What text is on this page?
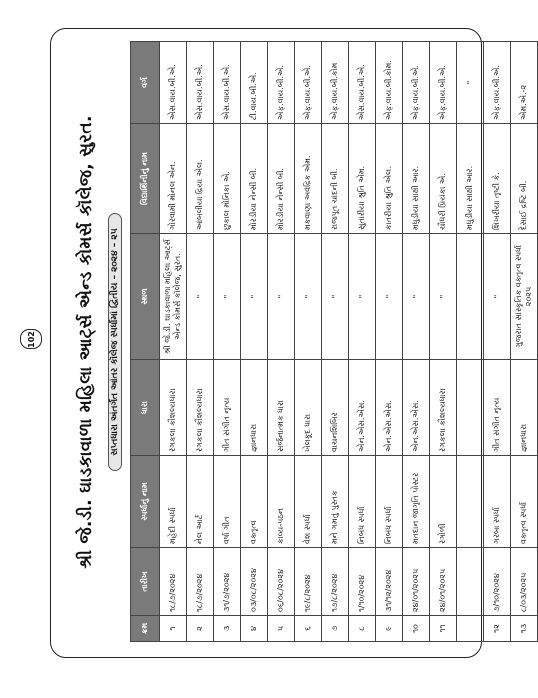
102	શ્રી જે.ડી. ઘાડકાવાળા મહિલા આર્ટ્સ એન્ડ કોમર્સ કૉલેજ, સુરત.	સપ્તધારા અંતર્ગત આંતર કૉલેજ સ્પર્ધામાં દ્વિતીય – ૨૦૨૪ – ૨૫
ક્રમ	તારીખ	સ્પર્ધાનું નામ	ધારા	સ્થળ	વિદ્યાર્થિનીનું નામ	વર્ગ
૧	૧૮/૭/૨૦૨૪	મહેંદી સ્પર્ધા	રંગકલા કૌશલ્યધારા	શ્રી જે.ડી. ઘાડકાવાળા મહિલા આર્ટ્સ એન્ડ કોમર્સ કૉલેજ, સુરત.	ગોરવામી મોનલ એન.	એસ.વાય.બી.એ.
૨	૧૮/૭/૨૦૨૪	નેલ આર્ટ	રંગકલા કૌશલ્યધારા	"	આંબલીયા દ્રિયા એલ.	એસ.વાય.બી.એ.
૩	૩૧/૭/૨૦૨૪	વર્ષા ગીત	ગીત સંગીત નૃત્ય	"	છુકાલ મોનિકા એ.	એસ.વાય.બી.એ.
૪	૦૩/૦૮/૨૦૨૪	વક્તૃત્વ	જ્ઞાનધારા	"	મોરડીયા નેન્સી બી.	ટી.વાય.બી.એ.
૫	૦૬/૦૮/૨૦૨૪	કાવ્ય-પઠન	સર્જનાત્મક ધારા	"	મોરડીયા નેન્સી બી.	એફ.વાય.બી.એ.
૬	૧૯/૮/૨૦૨૪	વેશ સ્પર્ધા	ખેલકૂદ ધારા	"	મકવાણા અવંદ્રિક એમ.	એફ.વાય.બી.એ.
૭	૧૭/૮/૨૦૨૪	મને ગમતું પુસ્તક	વાચનશિબિર	"	રાજપૂત ચાંદની બી.	એફ.વાય.બી.કોમ
૮	૧/૧૦/૨૦૨૪	નિબંધ સ્પર્ધા	એન.એસ.એસ.	"	સુતારીયા શ્રુતિ એમ.	એસ.વાય.બી.એ.
૯	૩૧/૧૨/૨૦૨૪	નિબંધ સ્પર્ધા	એન.એસ.એસ.	"	કાતરીયા શ્રુતિ એલ.	એફ.વાય.બી.કોમ.
૧૦	૨૪/૦૧/૨૦૨૫	મતદાન જાગૃતિ પોસ્ટર	એન.એસ.એસ.	"	મધુડીયા સાક્ષી આર.	એફ.વાય.બી.એ.
૧૧	૨૪/૦૧/૨૦૨૫	રંગોળી	રંગકલા કૌશલ્યધારા	"	ચૌધરી પ્રિયંકા એ.	એફ.વાય.બી.એ.
					મધુડીયા સાક્ષી આર.	"
૧૨	૭/૧૦/૨૦૨૪	ગરબા સ્પર્ધા	ગીત સંગીત નૃત્ય	"	શિખરીયા તૃષ્ટી કે.	એફ.વાય.બી.એ.
૧૩	૮/૦૩/૨૦૨૫	વક્તૃત્વ સ્પર્ધા	જ્ઞાનધારા	ગુજરાત સાંસ્કૃતિક વક્તૃત્વ સ્પર્ધા ૨૦૨૫	દેસાઈ દ્રષ્ટિ બી.	એમ.એ.-૨
